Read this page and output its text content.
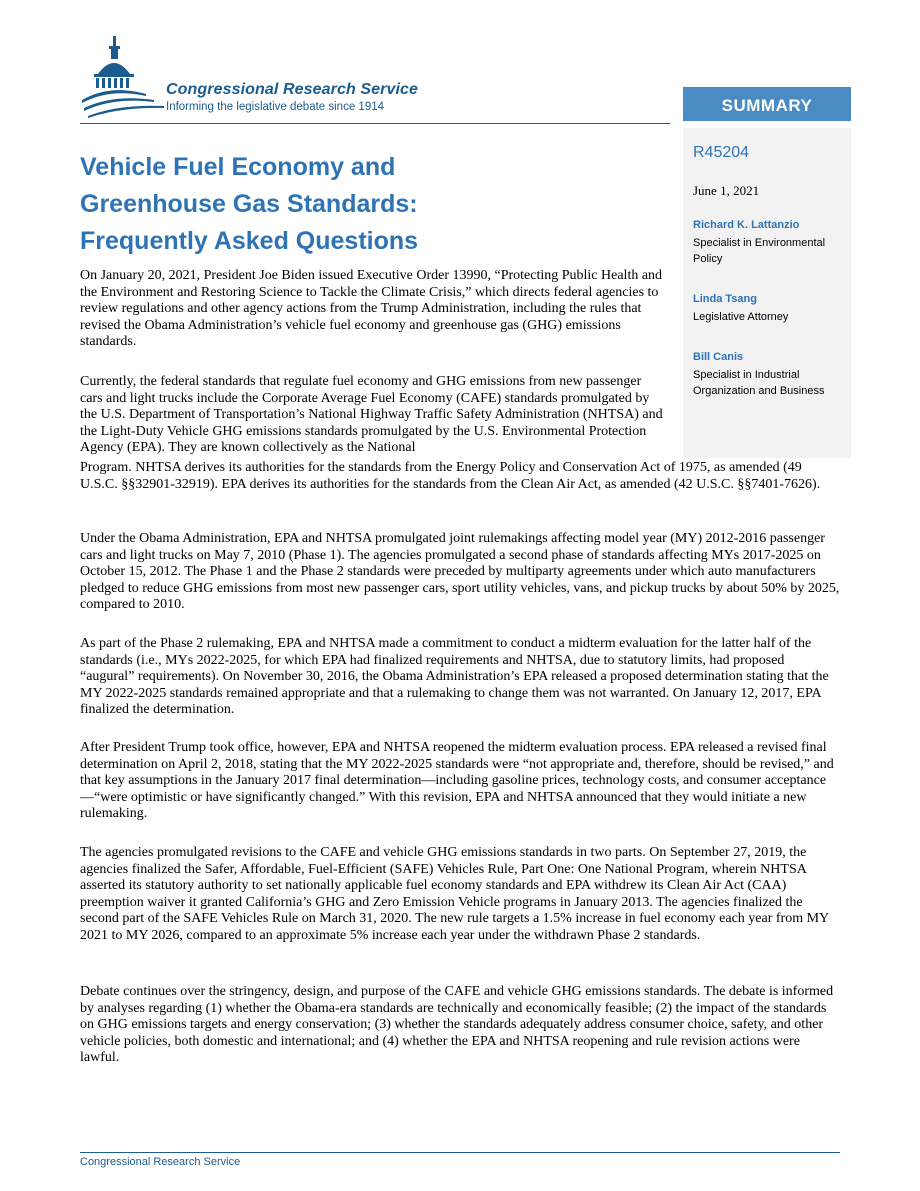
Congressional Research Service
Informing the legislative debate since 1914	SUMMARY
R45204
June 1, 2021
Richard K. Lattanzio
Specialist in Environmental Policy
Linda Tsang
Legislative Attorney
Bill Canis
Specialist in Industrial Organization and Business
Vehicle Fuel Economy and
Greenhouse Gas Standards:
Frequently Asked Questions

On January 20, 2021, President Joe Biden issued Executive Order 13990, “Protecting Public Health and the Environment and Restoring Science to Tackle the Climate Crisis,” which directs federal agencies to review regulations and other agency actions from the Trump Administration, including the rules that revised the Obama Administration’s vehicle fuel economy and greenhouse gas (GHG) emissions standards.

Currently, the federal standards that regulate fuel economy and GHG emissions from new passenger cars and light trucks include the Corporate Average Fuel Economy (CAFE) standards promulgated by the U.S. Department of Transportation’s National Highway Traffic Safety Administration (NHTSA) and the Light-Duty Vehicle GHG emissions standards promulgated by the U.S. Environmental Protection Agency (EPA). They are known collectively as the National

Program. NHTSA derives its authorities for the standards from the Energy Policy and Conservation Act of 1975, as amended (49 U.S.C. §§32901-32919). EPA derives its authorities for the standards from the Clean Air Act, as amended (42 U.S.C. §§7401-7626).

Under the Obama Administration, EPA and NHTSA promulgated joint rulemakings affecting model year (MY) 2012-2016 passenger cars and light trucks on May 7, 2010 (Phase 1). The agencies promulgated a second phase of standards affecting MYs 2017-2025 on October 15, 2012. The Phase 1 and the Phase 2 standards were preceded by multiparty agreements under which auto manufacturers pledged to reduce GHG emissions from most new passenger cars, sport utility vehicles, vans, and pickup trucks by about 50% by 2025, compared to 2010.

As part of the Phase 2 rulemaking, EPA and NHTSA made a commitment to conduct a midterm evaluation for the latter half of the standards (i.e., MYs 2022-2025, for which EPA had finalized requirements and NHTSA, due to statutory limits, had proposed “augural” requirements). On November 30, 2016, the Obama Administration’s EPA released a proposed determination stating that the MY 2022-2025 standards remained appropriate and that a rulemaking to change them was not warranted. On January 12, 2017, EPA finalized the determination.

After President Trump took office, however, EPA and NHTSA reopened the midterm evaluation process. EPA released a revised final determination on April 2, 2018, stating that the MY 2022-2025 standards were “not appropriate and, therefore, should be revised,” and that key assumptions in the January 2017 final determination—including gasoline prices, technology costs, and consumer acceptance—“were optimistic or have significantly changed.” With this revision, EPA and NHTSA announced that they would initiate a new rulemaking.

The agencies promulgated revisions to the CAFE and vehicle GHG emissions standards in two parts. On September 27, 2019, the agencies finalized the Safer, Affordable, Fuel-Efficient (SAFE) Vehicles Rule, Part One: One National Program, wherein NHTSA asserted its statutory authority to set nationally applicable fuel economy standards and EPA withdrew its Clean Air Act (CAA) preemption waiver it granted California’s GHG and Zero Emission Vehicle programs in January 2013. The agencies finalized the second part of the SAFE Vehicles Rule on March 31, 2020. The new rule targets a 1.5% increase in fuel economy each year from MY 2021 to MY 2026, compared to an approximate 5% increase each year under the withdrawn Phase 2 standards.

Debate continues over the stringency, design, and purpose of the CAFE and vehicle GHG emissions standards. The debate is informed by analyses regarding (1) whether the Obama-era standards are technically and economically feasible; (2) the impact of the standards on GHG emissions targets and energy conservation; (3) whether the standards adequately address consumer choice, safety, and other vehicle policies, both domestic and international; and (4) whether the EPA and NHTSA reopening and rule revision actions were lawful.

Congressional Research Service
